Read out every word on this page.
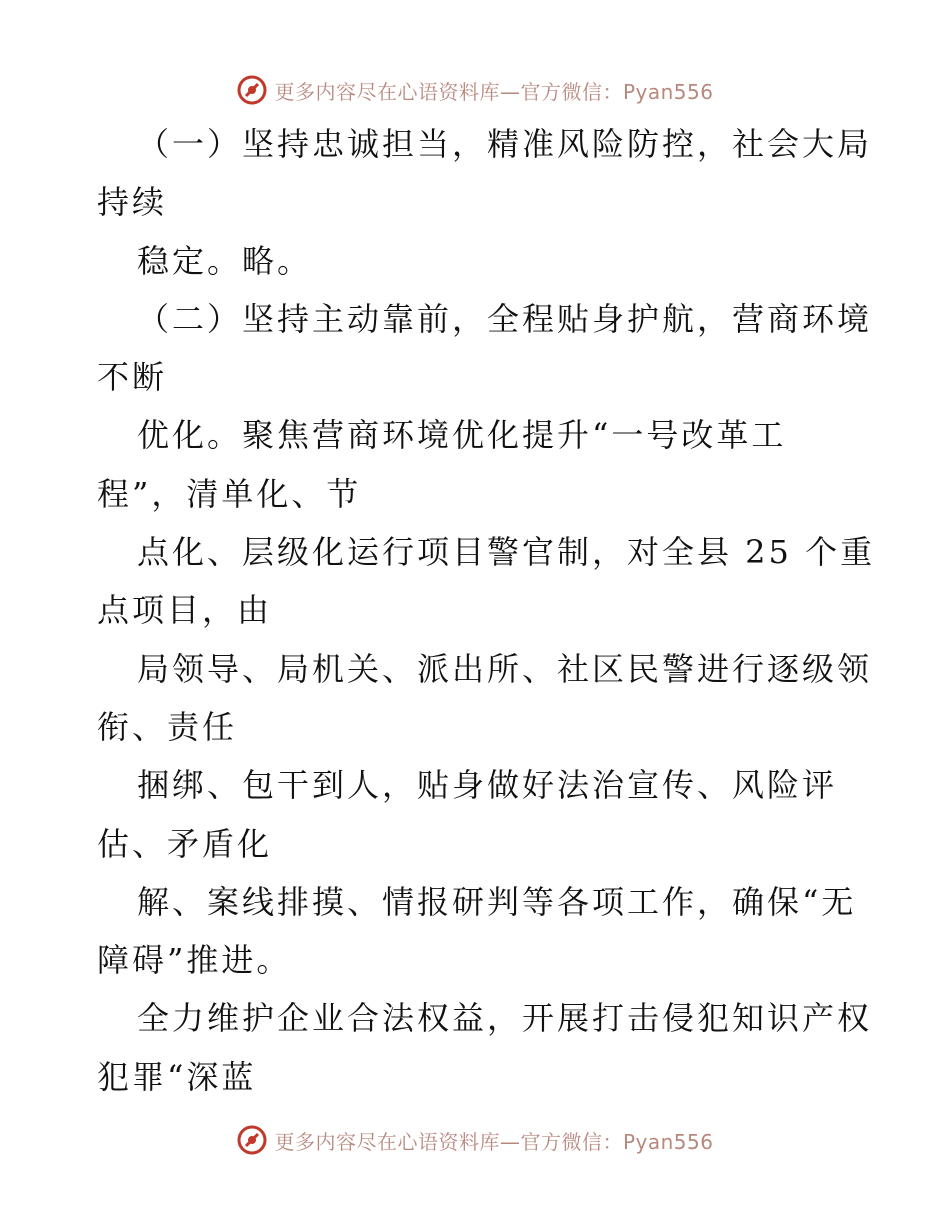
更多内容尽在心语资料库—官方微信：Pyan556
（一）坚持忠诚担当，精准风险防控，社会大局
持续
稳定。略。
（二）坚持主动靠前，全程贴身护航，营商环境
不断
优化。聚焦营商环境优化提升“一号改革工
程”，清单化、节
点化、层级化运行项目警官制，对全县 25 个重
点项目，由
局领导、局机关、派出所、社区民警进行逐级领
衔、责任
捆绑、包干到人，贴身做好法治宣传、风险评
估、矛盾化
解、案线排摸、情报研判等各项工作，确保“无
障碍”推进。
全力维护企业合法权益，开展打击侵犯知识产权
犯罪“深蓝
更多内容尽在心语资料库—官方微信：Pyan556
